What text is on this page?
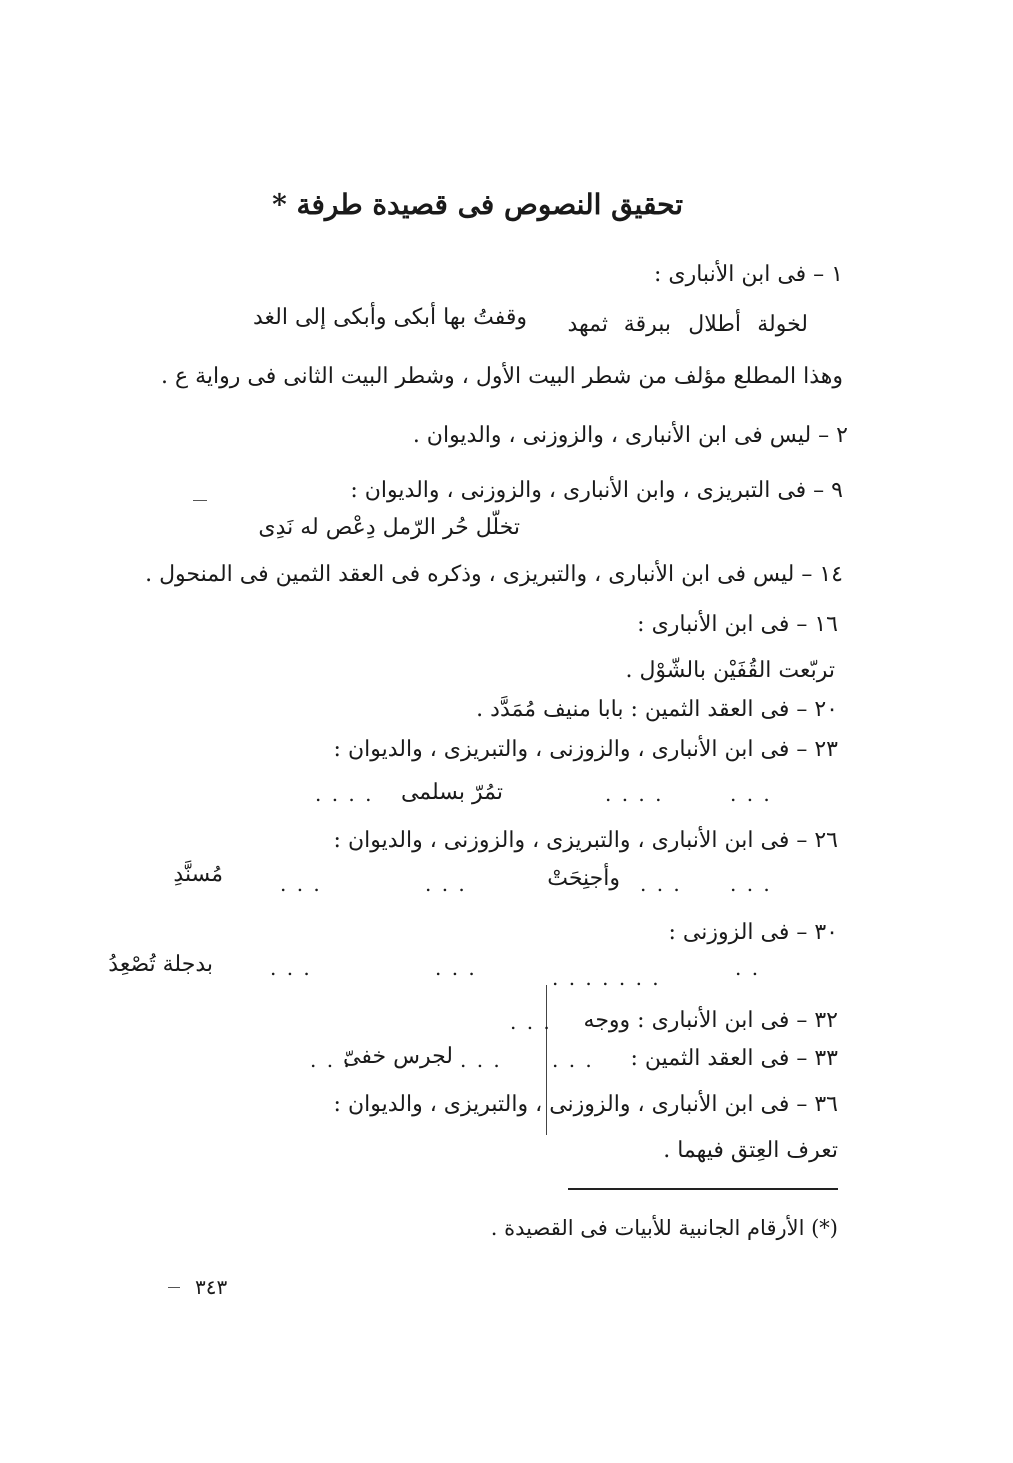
تحقيق النصوص فى قصيدة طرفة *
١ – فى ابن الأنبارى :
لخولة
أطلال
ببرقة
ثمهد
وقفتُ بها أبكى وأبكى إلى الغد
وهذا المطلع مؤلف من شطر البيت الأول ، وشطر البيت الثانى فى رواية ع .
٢ – ليس فى ابن الأنبارى ، والزوزنى ، والديوان .
٩ – فى التبريزى ، وابن الأنبارى ، والزوزنى ، والديوان :
تخلّل حُر الرّمل دِعْص له نَدِى
١٤ – ليس فى ابن الأنبارى ، والتبريزى ، وذكره فى العقد الثمين فى المنحول .
١٦ – فى ابن الأنبارى :
تربّعت القُفَيْن بالشّوْل .
٢٠ – فى العقد الثمين : بابا منيف مُمَدَّد .
٢٣ – فى ابن الأنبارى ، والزوزنى ، والتبريزى ، والديوان :
. . .
. . . .
تمُرّ بسلمى
. . . .
٢٦ – فى ابن الأنبارى ، والتبريزى ، والزوزنى ، والديوان :
. . .
. . .
وأجنِحَتْ
. . .
. . .
مُسنَّدِ
٣٠ – فى الزوزنى :
. . .	. .
. . .
بدجلة تُصْعِدُ
. . . . . . .
٣٢ – فى ابن الأنبارى : ووجه
. . .
٣٣ – فى العقد الثمين :
. . .
. . .
لجرس خفىّ
. . .
٣٦ – فى ابن الأنبارى ، والزوزنى ، والتبريزى ، والديوان :
تعرف العِتق فيهما .
(*) الأرقام الجانبية للأبيات فى القصيدة .
٣٤٣
